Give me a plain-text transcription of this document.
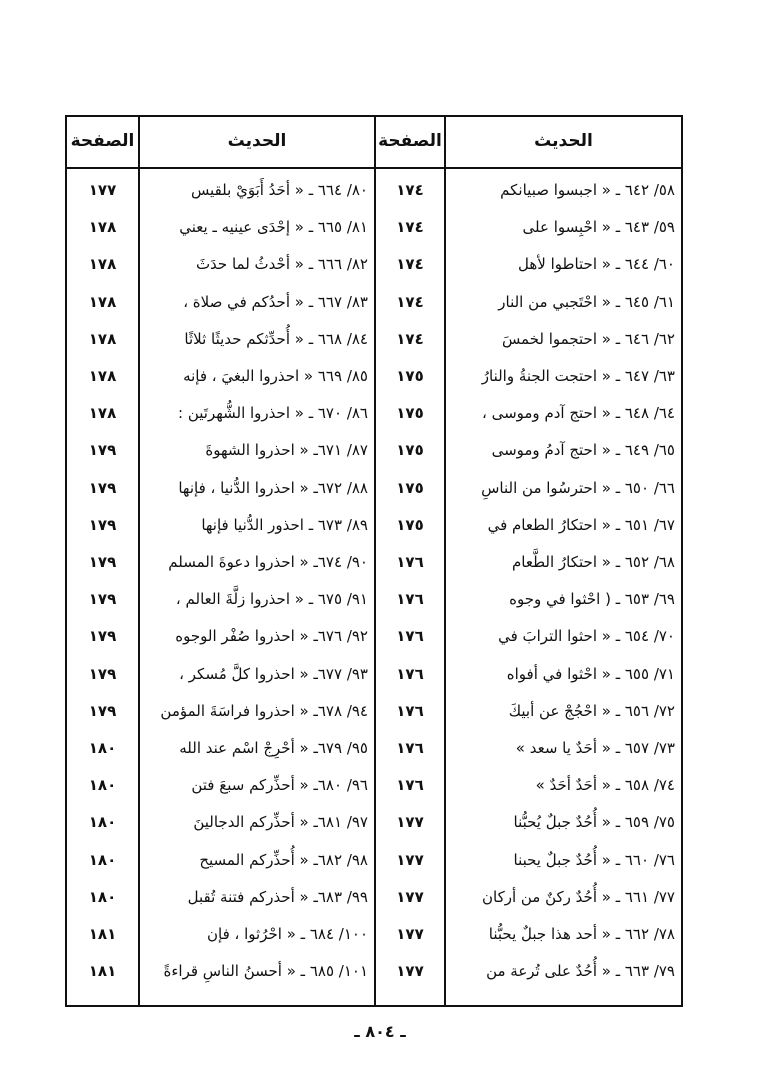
الحديث
الصفحة
الحديث
الصفحة
٥٨/ ٦٤٢ ـ « اجبسوا صبيانكم
١٧٤
٨٠/ ٦٦٤ ـ « أحَدُ أَبَوَيْ بلقيس
١٧٧
٥٩/ ٦٤٣ ـ « احْبِسوا على
١٧٤
٨١/ ٦٦٥ ـ « إحْدَى عينيه ـ يعني
١٧٨
٦٠/ ٦٤٤ ـ « احتاطوا لأهل
١٧٤
٨٢/ ٦٦٦ ـ « أحْدثُ لما حدَثَ
١٧٨
٦١/ ٦٤٥ ـ « احْتَجبي من النار
١٧٤
٨٣/ ٦٦٧ ـ « أحدُكم في صلاة ،
١٧٨
٦٢/ ٦٤٦ ـ « احتجموا لخمسَ
١٧٤
٨٤/ ٦٦٨ ـ « أُحدِّثكم حديثًا ثلاثًا
١٧٨
٦٣/ ٦٤٧ ـ « احتجت الجنةُ والنارُ
١٧٥
٨٥/ ٦٦٩ « احذروا البغيَ ، فإنه
١٧٨
٦٤/ ٦٤٨ ـ « احتج آدم وموسى ،
١٧٥
٨٦/ ٦٧٠ ـ « احذروا الشُّهرتَين :
١٧٨
٦٥/ ٦٤٩ ـ « احتج آدمُ وموسى
١٧٥
٨٧/ ٦٧١ـ « احذروا الشهوةَ
١٧٩
٦٦/ ٦٥٠ ـ « احترسُوا من الناسِ
١٧٥
٨٨/ ٦٧٢ـ « احذروا الدُّنيا ، فإنها
١٧٩
٦٧/ ٦٥١ ـ « احتكارُ الطعام في
١٧٥
٨٩/ ٦٧٣ ـ احذور الدُّنيا فإنها
١٧٩
٦٨/ ٦٥٢ ـ « احتكارُ الطَّعام
١٧٦
٩٠/ ٦٧٤ـ « احذروا دعوةَ المسلم
١٧٩
٦٩/ ٦٥٣ ـ ( احْثوا في وجوه
١٧٦
٩١/ ٦٧٥ ـ « احذروا زلَّةَ العالم ،
١٧٩
٧٠/ ٦٥٤ ـ « احثوا الترابَ في
١٧٦
٩٢/ ٦٧٦ـ « احذروا صُفْر الوجوه
١٧٩
٧١/ ٦٥٥ ـ « احْثوا في أفواه
١٧٦
٩٣/ ٦٧٧ـ « احذروا كلَّ مُسكر ،
١٧٩
٧٢/ ٦٥٦ ـ « احْجُجْ عن أبيكَ
١٧٦
٩٤/ ٦٧٨ـ « احذروا فراسَةَ المؤمن
١٧٩
٧٣/ ٦٥٧ ـ « أحَدٌ يا سعد »
١٧٦
٩٥/ ٦٧٩ـ « أحْرِجْ اسْم عند الله
١٨٠
٧٤/ ٦٥٨ ـ « أحَدٌ أحَدٌ »
١٧٦
٩٦/ ٦٨٠ـ « أحذِّركم سبعَ فتن
١٨٠
٧٥/ ٦٥٩ ـ « أُحُدٌ جبلٌ يُحبُّنا
١٧٧
٩٧/ ٦٨١ـ « أحذِّركم الدجالينَ
١٨٠
٧٦/ ٦٦٠ ـ « أُحُدٌ جبلٌ يحبنا
١٧٧
٩٨/ ٦٨٢ـ « أُحذِّركم المسيح
١٨٠
٧٧/ ٦٦١ ـ « أُحُدٌ ركنٌ من أركان
١٧٧
٩٩/ ٦٨٣ـ « أحذركم فتنة تُقبل
١٨٠
٧٨/ ٦٦٢ ـ « أحد هذا جبلٌ يحبُّنا
١٧٧
١٠٠/ ٦٨٤ ـ « احْرُثوا ، فإن
١٨١
٧٩/ ٦٦٣ ـ « أُحُدٌ على تُرعة من
١٧٧
١٠١/ ٦٨٥ ـ « أحسنُ الناسِ قراءةً
١٨١
ـ ٨٠٤ ـ
